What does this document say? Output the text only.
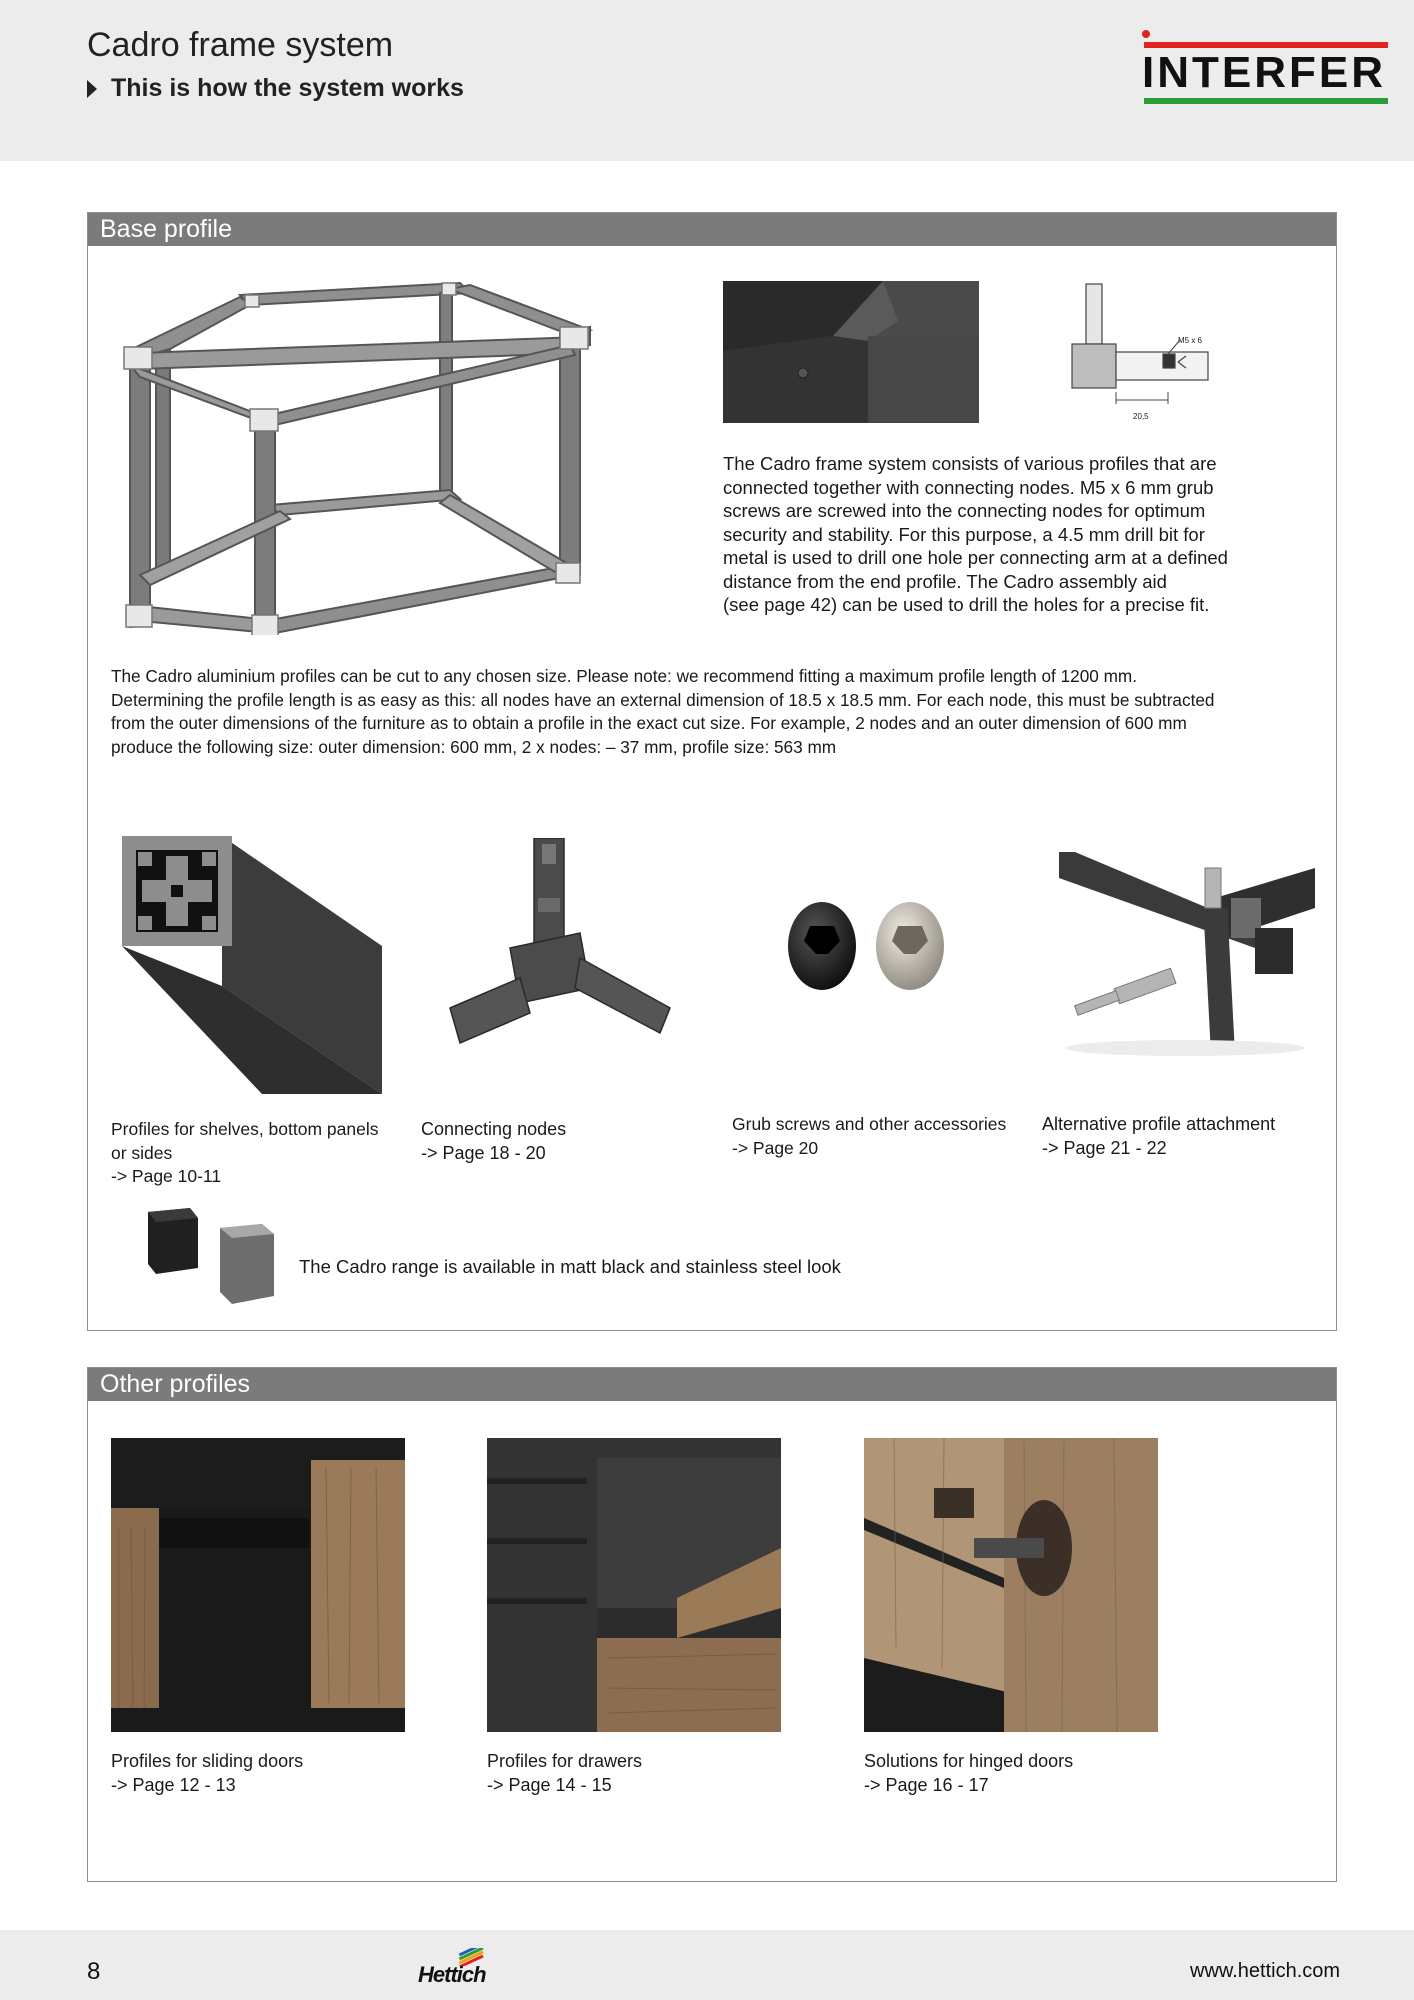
Cadro frame system
This is how the system works	INTERFER
Base profile
M5 x 6
20,5
The Cadro frame system consists of various profiles that are
connected together with connecting nodes. M5 x 6 mm grub
screws are screwed into the connecting nodes for optimum
security and stability. For this purpose, a 4.5 mm drill bit for
metal is used to drill one hole per connecting arm at a defined
distance from the end profile. The Cadro assembly aid
(see page 42) can be used to drill the holes for a precise fit.
The Cadro aluminium profiles can be cut to any chosen size. Please note: we recommend fitting a maximum profile length of 1200 mm.
Determining the profile length is as easy as this: all nodes have an external dimension of 18.5 x 18.5 mm. For each node, this must be subtracted
from the outer dimensions of the furniture as to obtain a profile in the exact cut size. For example, 2 nodes and an outer dimension of 600 mm
produce the following size: outer dimension: 600 mm, 2 x nodes: – 37 mm, profile size: 563 mm
Profiles for shelves, bottom panels
or sides
-> Page 10-11
Connecting nodes
-> Page 18 - 20
Grub screws and other accessories
-> Page 20
Alternative profile attachment
-> Page 21 - 22
The Cadro range is available in matt black and stainless steel look
Other profiles
Profiles for sliding doors
-> Page 12 - 13
Profiles for drawers
-> Page 14 - 15
Solutions for hinged doors
-> Page 16 - 17
8	Hettich	www.hettich.com
